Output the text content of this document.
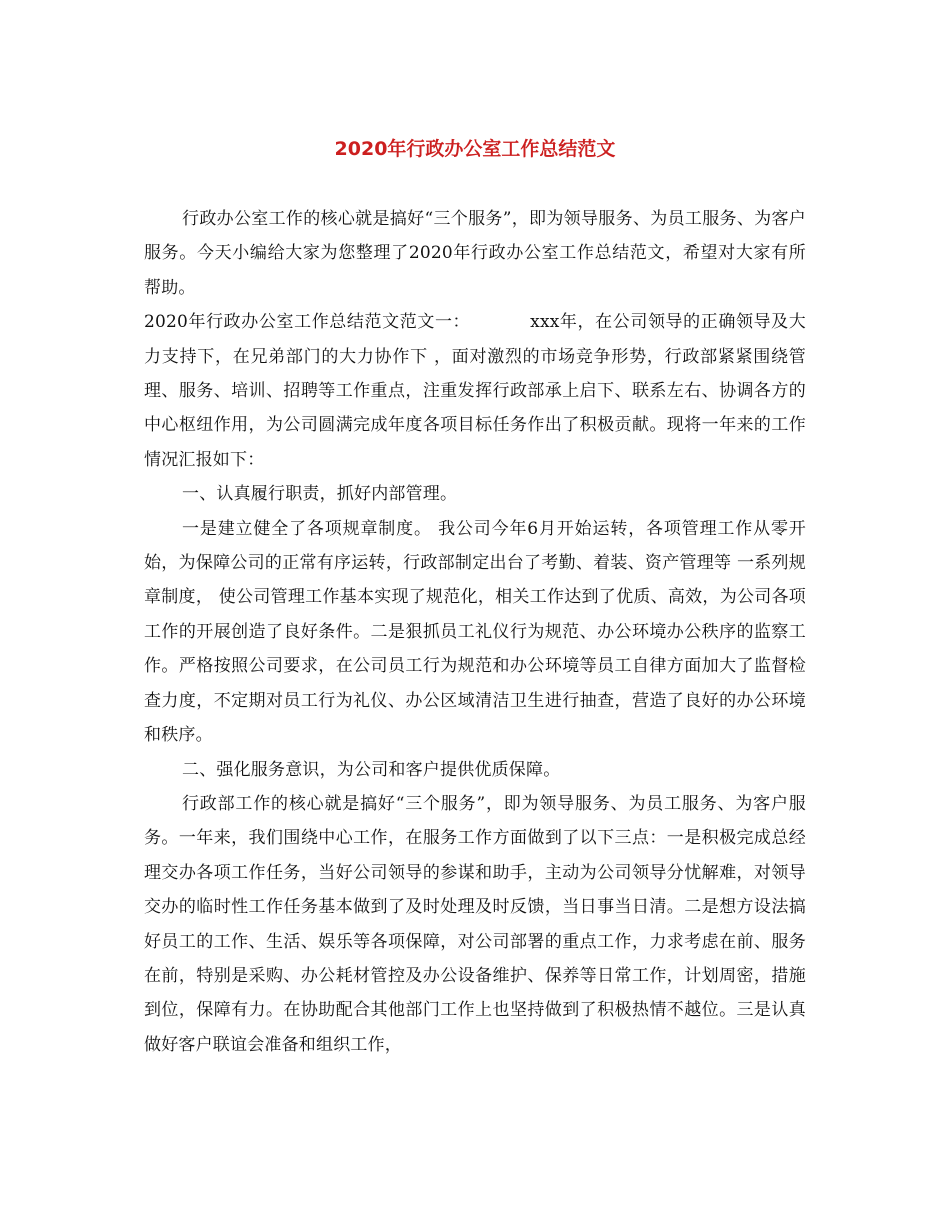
2020年行政办公室工作总结范文

行政办公室工作的核心就是搞好“三个服务”，即为领导服务、为员工服务、为客户服务。今天小编给大家为您整理了2020年行政办公室工作总结范文，希望对大家有所帮助。

2020年行政办公室工作总结范文范文一：	xxx年，在公司领导的正确领导及大力支持下，在兄弟部门的大力协作下 ，面对激烈的市场竞争形势，行政部紧紧围绕管理、服务、培训、招聘等工作重点，注重发挥行政部承上启下、联系左右、协调各方的中心枢纽作用，为公司圆满完成年度各项目标任务作出了积极贡献。现将一年来的工作情况汇报如下：

一、认真履行职责，抓好内部管理。

一是建立健全了各项规章制度。 我公司今年6月开始运转，各项管理工作从零开始，为保障公司的正常有序运转，行政部制定出台了考勤、着装、资产管理等 一系列规章制度， 使公司管理工作基本实现了规范化，相关工作达到了优质、高效，为公司各项工作的开展创造了良好条件。二是狠抓员工礼仪行为规范、办公环境办公秩序的监察工作。严格按照公司要求，在公司员工行为规范和办公环境等员工自律方面加大了监督检查力度，不定期对员工行为礼仪、办公区域清洁卫生进行抽查，营造了良好的办公环境和秩序。

二、强化服务意识，为公司和客户提供优质保障。

行政部工作的核心就是搞好“三个服务”，即为领导服务、为员工服务、为客户服务。一年来，我们围绕中心工作，在服务工作方面做到了以下三点：一是积极完成总经理交办各项工作任务，当好公司领导的参谋和助手，主动为公司领导分忧解难，对领导交办的临时性工作任务基本做到了及时处理及时反馈，当日事当日清。二是想方设法搞好员工的工作、生活、娱乐等各项保障，对公司部署的重点工作，力求考虑在前、服务在前，特别是采购、办公耗材管控及办公设备维护、保养等日常工作，计划周密，措施到位，保障有力。在协助配合其他部门工作上也坚持做到了积极热情不越位。三是认真做好客户联谊会准备和组织工作，
